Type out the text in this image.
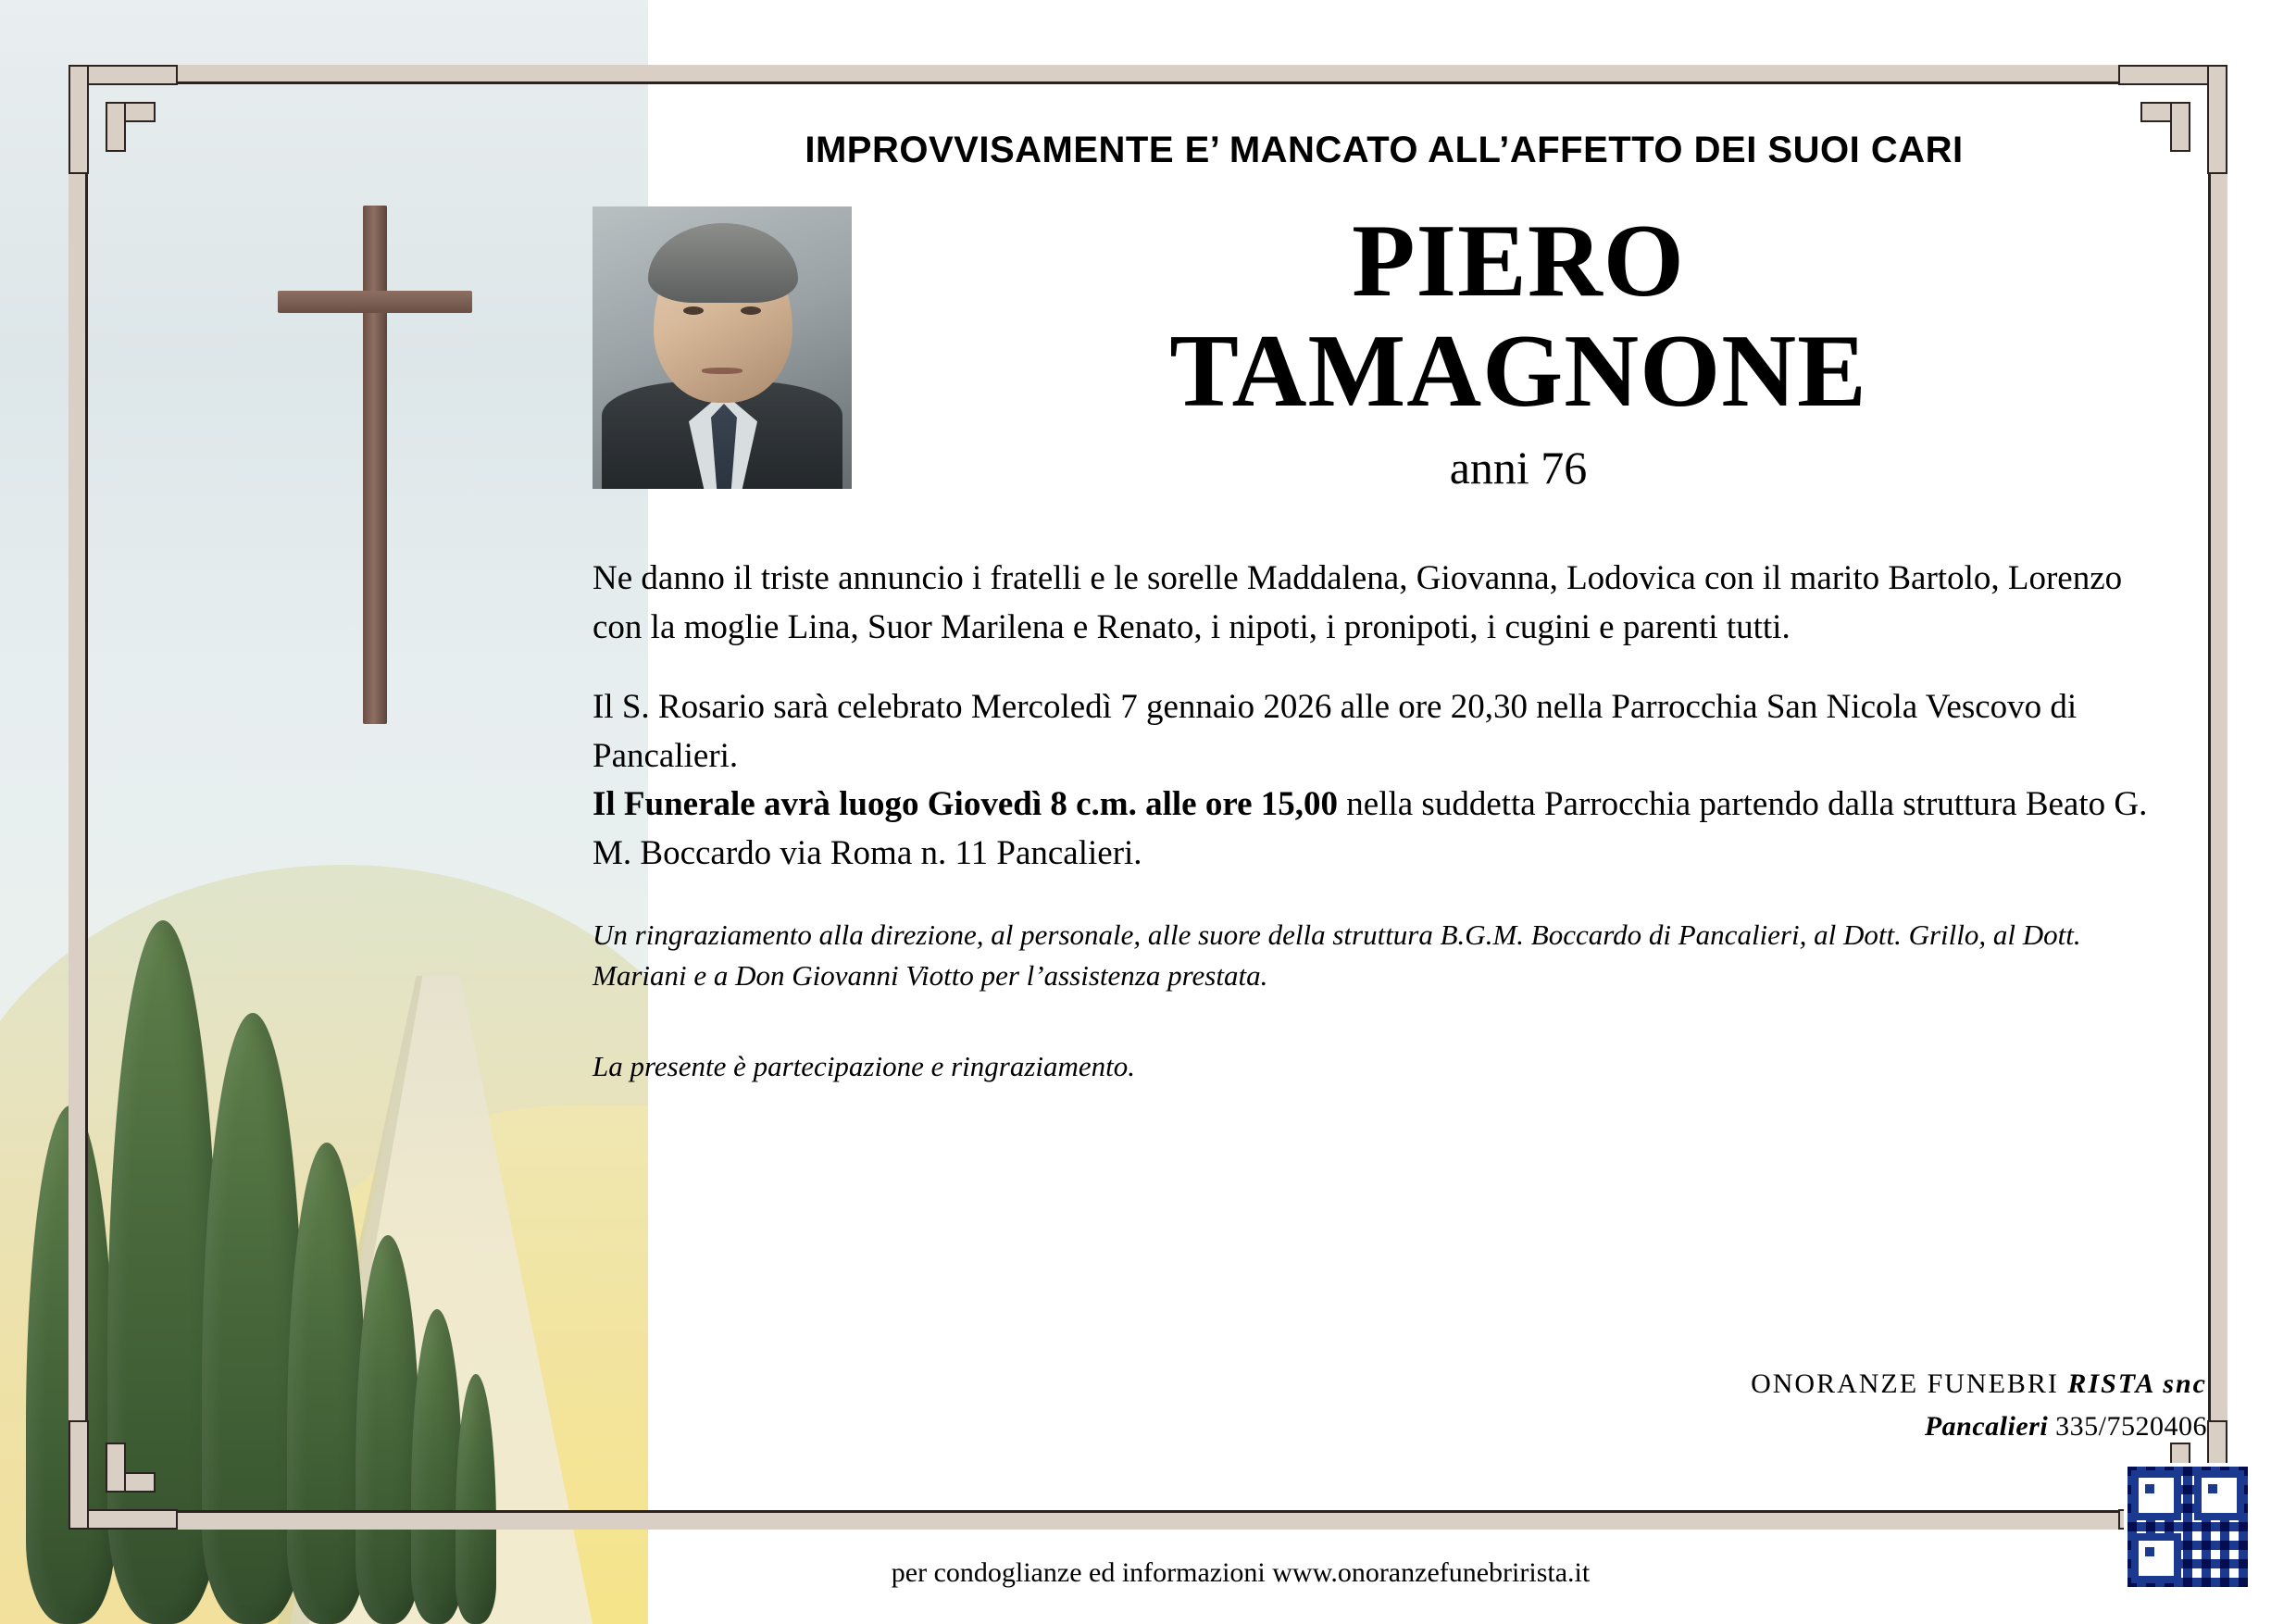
IMPROVVISAMENTE E’ MANCATO ALL’AFFETTO DEI SUOI CARI
PIERO
TAMAGNONE
anni 76

Ne danno il triste annuncio i fratelli e le sorelle Maddalena, Giovanna, Lodovica con il marito Bartolo, Lorenzo con la moglie Lina, Suor Marilena e Renato, i nipoti, i pronipoti, i cugini e parenti tutti.

Il S. Rosario sarà celebrato Mercoledì 7 gennaio 2026 alle ore 20,30 nella Parrocchia San Nicola Vescovo di Pancalieri.

Il Funerale avrà luogo Giovedì 8 c.m. alle ore 15,00 nella suddetta Parrocchia partendo dalla struttura Beato G. M. Boccardo via Roma n. 11 Pancalieri.

Un ringraziamento alla direzione, al personale, alle suore della struttura B.G.M. Boccardo di Pancalieri, al Dott. Grillo, al Dott. Mariani e a Don Giovanni Viotto per l’assistenza prestata.
La presente è partecipazione e ringraziamento.
ONORANZE FUNEBRI RISTA snc
Pancalieri 335/7520406
per condoglianze ed informazioni www.onoranzefunebrirista.it
